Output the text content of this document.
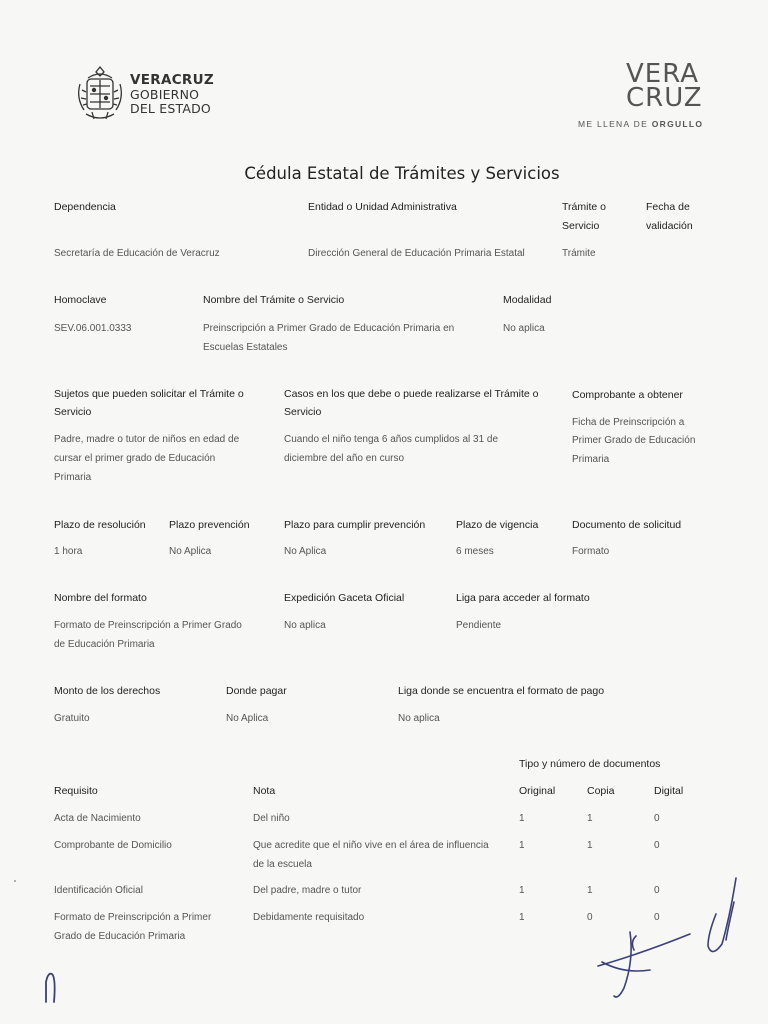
VERACRUZ
GOBIERNO
DEL ESTADO
VERA
CRUZ
ME LLENA DE ORGULLO
Cédula Estatal de Trámites y Servicios
Dependencia
Secretaría de Educación de Veracruz
Entidad o Unidad Administrativa
Dirección General de Educación Primaria Estatal
Trámite o
Servicio
Trámite
Fecha de
validación
Homoclave
SEV.06.001.0333
Nombre del Trámite o Servicio
Preinscripción a Primer Grado de Educación Primaria en
Escuelas Estatales
Modalidad
No aplica
Sujetos que pueden solicitar el Trámite o
Servicio
Padre, madre o tutor de niños en edad de
cursar el primer grado de Educación
Primaria
Casos en los que debe o puede realizarse el Trámite o
Servicio
Cuando el niño tenga 6 años cumplidos al 31 de
diciembre del año en curso
Comprobante a obtener
Ficha de Preinscripción a
Primer Grado de Educación
Primaria
Plazo de resolución
1 hora
Plazo prevención
No Aplica
Plazo para cumplir prevención
No Aplica
Plazo de vigencia
6 meses
Documento de solicitud
Formato
Nombre del formato
Formato de Preinscripción a Primer Grado
de Educación Primaria
Expedición Gaceta Oficial
No aplica
Liga para acceder al formato
Pendiente
Monto de los derechos
Gratuito
Donde pagar
No Aplica
Liga donde se encuentra el formato de pago
No aplica
Tipo y número de documentos
Requisito	Nota	Original	Copia	Digital
Acta de Nacimiento	Del niño	1	1	0
Comprobante de Domicilio	Que acredite que el niño vive en el área de influencia
de la escuela
1	1	0
Identificación Oficial	Del padre, madre o tutor	1	1	0
Formato de Preinscripción a Primer
Grado de Educación Primaria
Debidamente requisitado	1	0	0
